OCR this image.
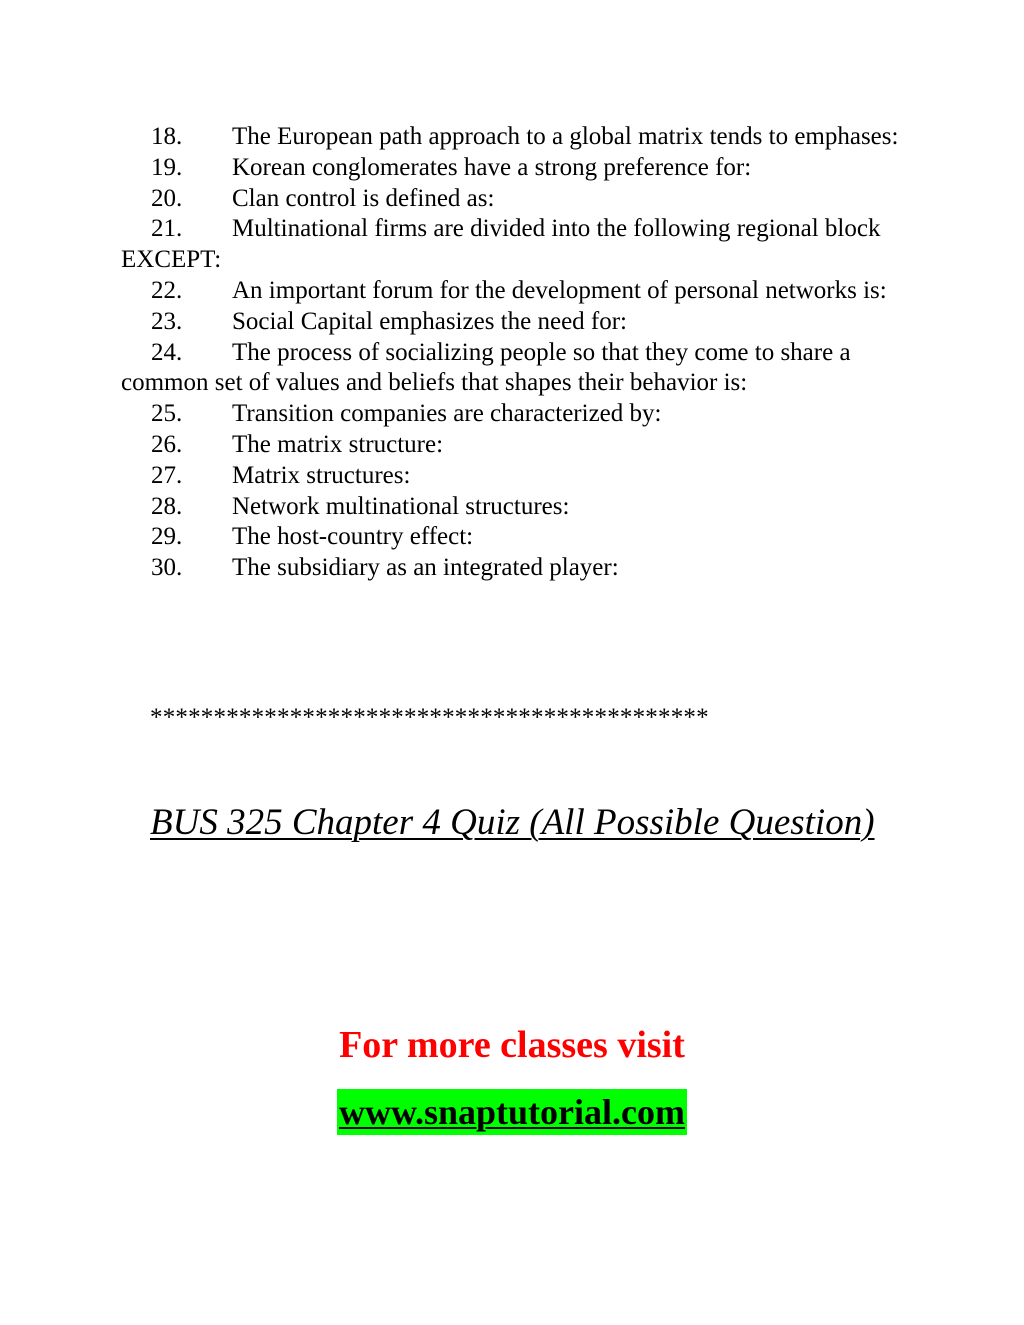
18. The European path approach to a global matrix tends to emphases:

19. Korean conglomerates have a strong preference for:

20. Clan control is defined as:

21. Multinational firms are divided into the following regional block EXCEPT:

22. An important forum for the development of personal networks is:

23. Social Capital emphasizes the need for:

24. The process of socializing people so that they come to share a common set of values and beliefs that shapes their behavior is:

25. Transition companies are characterized by:

26. The matrix structure:

27. Matrix structures:

28. Network multinational structures:

29. The host-country effect:

30. The subsidiary as an integrated player:

********************************************
BUS 325 Chapter 4 Quiz (All Possible Question)
For more classes visit
www.snaptutorial.com
